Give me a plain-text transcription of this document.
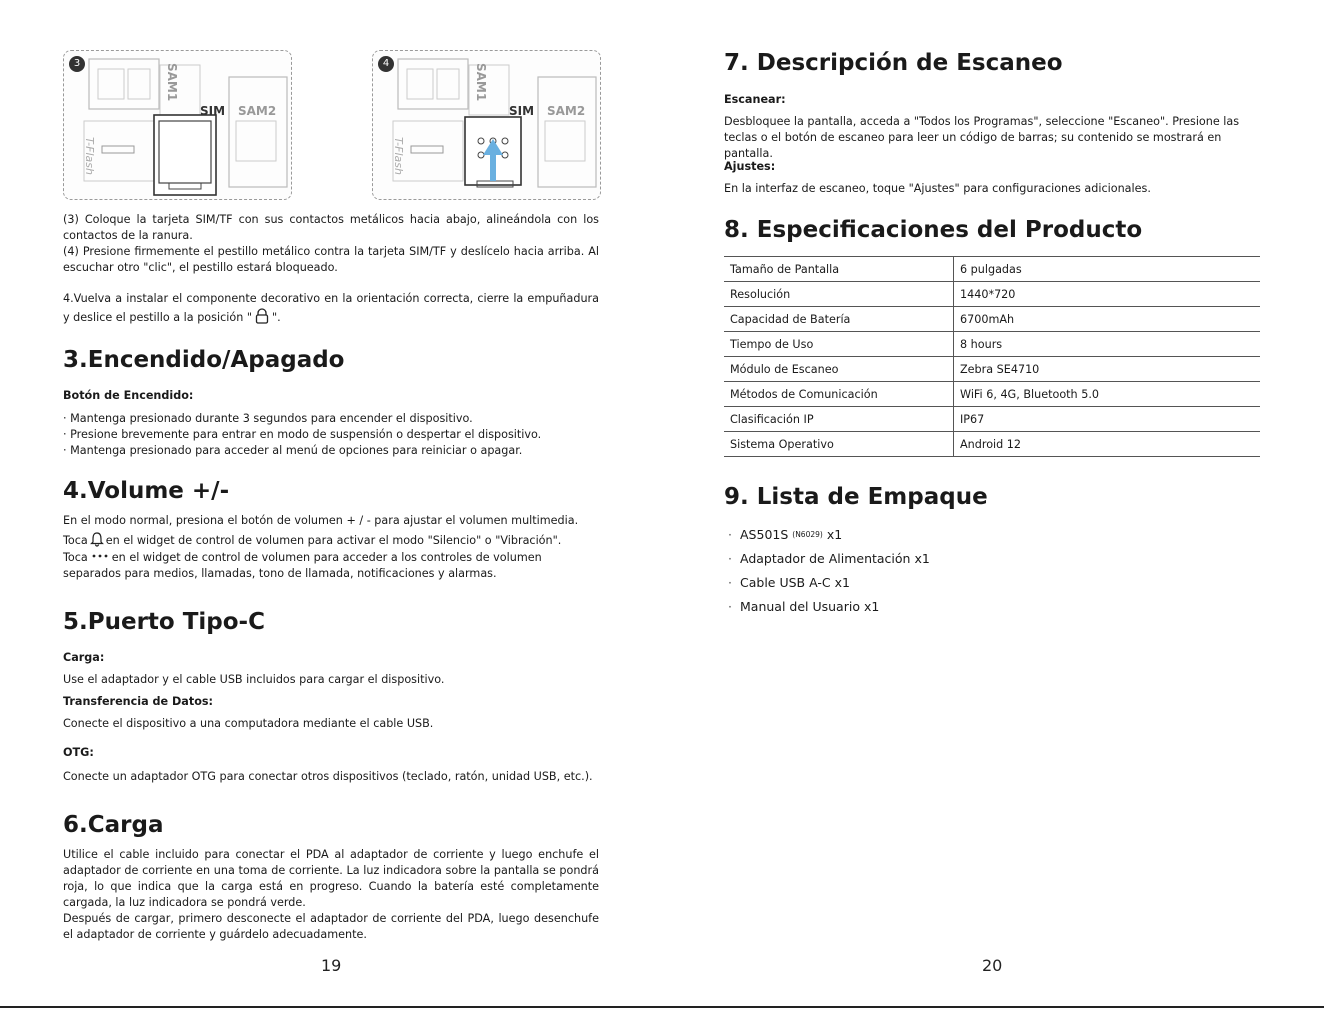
3	SAM1
SAM2
SIM
T-Flash
4	SAM1
SAM2
SIM
T-Flash

(3) Coloque la tarjeta SIM/TF con sus contactos metálicos hacia abajo, alineándola con los contactos de la ranura.

(4) Presione firmemente el pestillo metálico contra la tarjeta SIM/TF y deslícelo hacia arriba. Al escuchar otro "clic", el pestillo estará bloqueado.

4.Vuelva a instalar el componente decorativo en la orientación correcta, cierre la empuñadura y deslice el pestillo a la posición " ".

3.Encendido/Apagado

Botón de Encendido:

· Mantenga presionado durante 3 segundos para encender el dispositivo.

· Presione brevemente para entrar en modo de suspensión o despertar el dispositivo.

· Mantenga presionado para acceder al menú de opciones para reiniciar o apagar.

4.Volume +/-

En el modo normal, presiona el botón de volumen + / - para ajustar el volumen multimedia.

Toca en el widget de control de volumen para activar el modo "Silencio" o "Vibración".

Toca en el widget de control de volumen para acceder a los controles de volumen separados para medios, llamadas, tono de llamada, notificaciones y alarmas.

5.Puerto Tipo-C

Carga:

Use el adaptador y el cable USB incluidos para cargar el dispositivo.

Transferencia de Datos:

Conecte el dispositivo a una computadora mediante el cable USB.

OTG:

Conecte un adaptador OTG para conectar otros dispositivos (teclado, ratón, unidad USB, etc.).

6.Carga

Utilice el cable incluido para conectar el PDA al adaptador de corriente y luego enchufe el adaptador de corriente en una toma de corriente. La luz indicadora sobre la pantalla se pondrá roja, lo que indica que la carga está en progreso. Cuando la batería esté completamente cargada, la luz indicadora se pondrá verde.

Después de cargar, primero desconecte el adaptador de corriente del PDA, luego desenchufe el adaptador de corriente y guárdelo adecuadamente.

19
7. Descripción de Escaneo

Escanear:

Desbloquee la pantalla, acceda a "Todos los Programas", seleccione "Escaneo". Presione las teclas o el botón de escaneo para leer un código de barras; su contenido se mostrará en pantalla.

Ajustes:

En la interfaz de escaneo, toque "Ajustes" para configuraciones adicionales.

8. Especificaciones del Producto
Tamaño de Pantalla	6 pulgadas
Resolución	1440*720
Capacidad de Batería	6700mAh
Tiempo de Uso	8 hours
Módulo de Escaneo	Zebra SE4710
Métodos de Comunicación	WiFi 6, 4G, Bluetooth 5.0
Clasificación IP	IP67
Sistema Operativo	Android 12
9. Lista de Empaque
· AS501S (N6029) x1
· Adaptador de Alimentación x1
· Cable USB A-C x1
· Manual del Usuario x1
20
